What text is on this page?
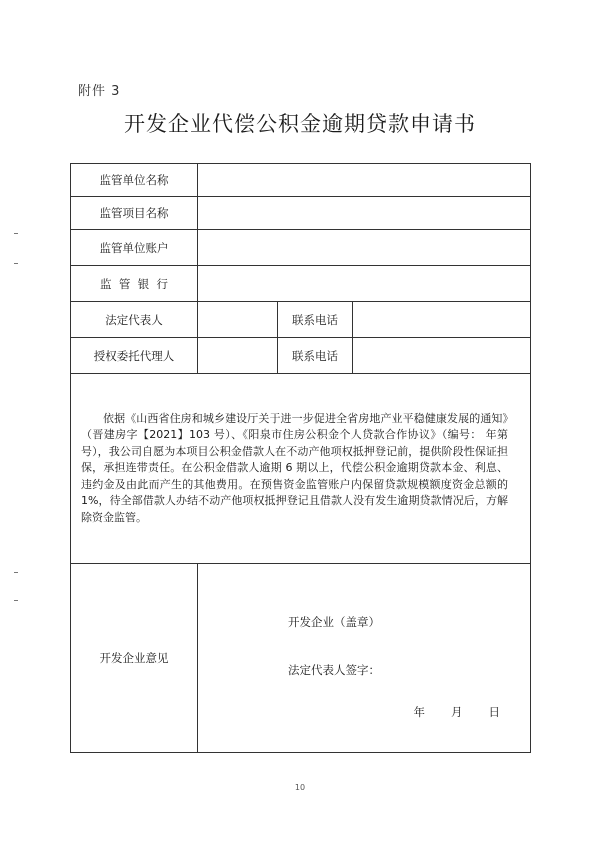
附件 3
开发企业代偿公积金逾期贷款申请书
监管单位名称			
监管项目名称			
监管单位账户			
监  管  银  行			
法定代表人		联系电话	
授权委托代理人		联系电话	

依据《山西省住房和城乡建设厅关于进一步促进全省房地产业平稳健康发展的通知》（晋建房字【2021】103 号）、《阳泉市住房公积金个人贷款合作协议》（编号： 年第 号），我公司自愿为本项目公积金借款人在不动产他项权抵押登记前，提供阶段性保证担保，承担连带责任。在公积金借款人逾期 6 期以上，代偿公积金逾期贷款本金、利息、违约金及由此而产生的其他费用。在预售资金监管账户内保留贷款规模额度资金总额的 1%，待全部借款人办结不动产他项权抵押登记且借款人没有发生逾期贷款情况后，方解除资金监管。			

开发企业意见	开发企业（盖章）
法定代表人签字：
年 月 日		
10
